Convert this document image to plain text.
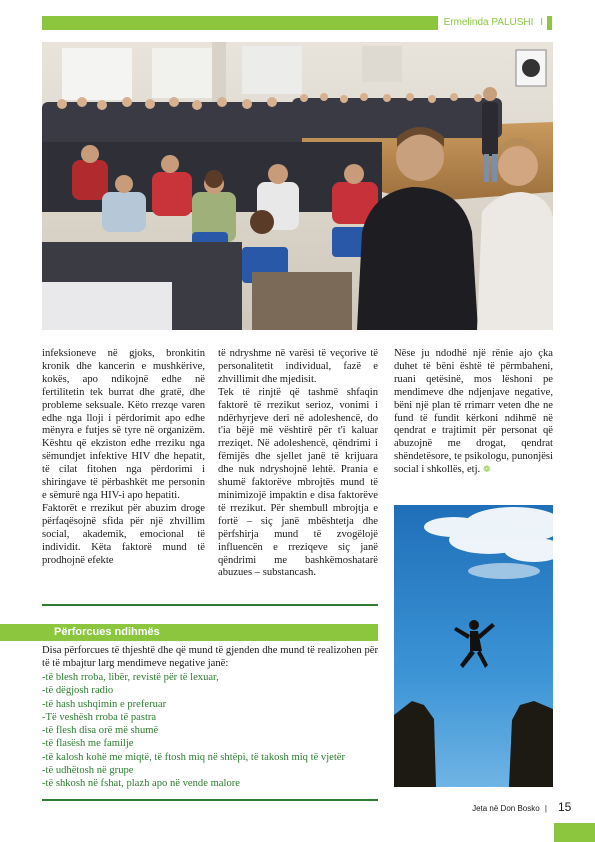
Ermelinda PALUSHI I

infeksioneve në gjoks, bronkitin kronik dhe kancerin e mushkërive, kokës, apo ndikojnë edhe në fertilitetin tek burrat dhe gratë, dhe probleme seksuale. Këto rrezqe varen edhe nga lloji i përdorimit apo edhe mënyra e futjes së tyre në organizëm. Kështu që ekziston edhe rreziku nga sëmundjet infektive HIV dhe hepatit, të cilat fitohen nga përdorimi i shiringave të përbashkët me personin e sëmurë nga HIV-i apo hepatiti.

Faktorët e rrezikut për abuzim droge përfaqësojnë sfida për një zhvillim social, akademik, emocional të individit. Këta faktorë mund të prodhojnë efekte

të ndryshme në varësi të veçorive të personalitetit individual, fazë e zhvillimit dhe mjedisit.

Tek të rinjtë që tashmë shfaqin faktorë të rrezikut serioz, vonimi i ndërhyrjeve deri në adoleshencë, do t'ia bëjë më vështirë për t'i kaluar rreziqet. Në adoleshencë, qëndrimi i fëmijës dhe sjellet janë të krijuara dhe nuk ndryshojnë lehtë. Prania e shumë faktorëve mbrojtës mund të minimizojë impaktin e disa faktorëve të rrezikut. Për shembull mbrojtja e fortë – siç janë mbështetja dhe përfshirja mund të zvogëlojë influencën e rreziqeve siç janë qëndrimi me bashkëmoshatarë abuzues – substancash.

Nëse ju ndodhë një rënie ajo çka duhet të bëni është të përmbaheni, ruani qetësinë, mos lëshoni pe mendimeve dhe ndjenjave negative, bëni një plan të rrimarr veten dhe ne fund të fundit kërkoni ndihmë në qendrat e trajtimit për personat që abuzojnë me drogat, qendrat shëndetësore, te psikologu, punonjësi social i shkollës, etj. ❁

Përforcues ndihmës
Disa përforcues të thjeshtë dhe që mund të gjenden dhe mund të realizohen për të të mbajtur larg mendimeve negative janë:
-të blesh rroba, libër, revistë për të lexuar,
-të dëgjosh radio
-të hash ushqimin e preferuar
-Të veshësh rroba të pastra
-të flesh disa orë më shumë
-të flasësh me familje
-të kalosh kohë me miqtë, të ftosh miq në shtëpi, të takosh miq të vjetër
-të udhëtosh në grupe
-të shkosh në fshat, plazh apo në vende malore
Jeta në Don Bosko | 15
